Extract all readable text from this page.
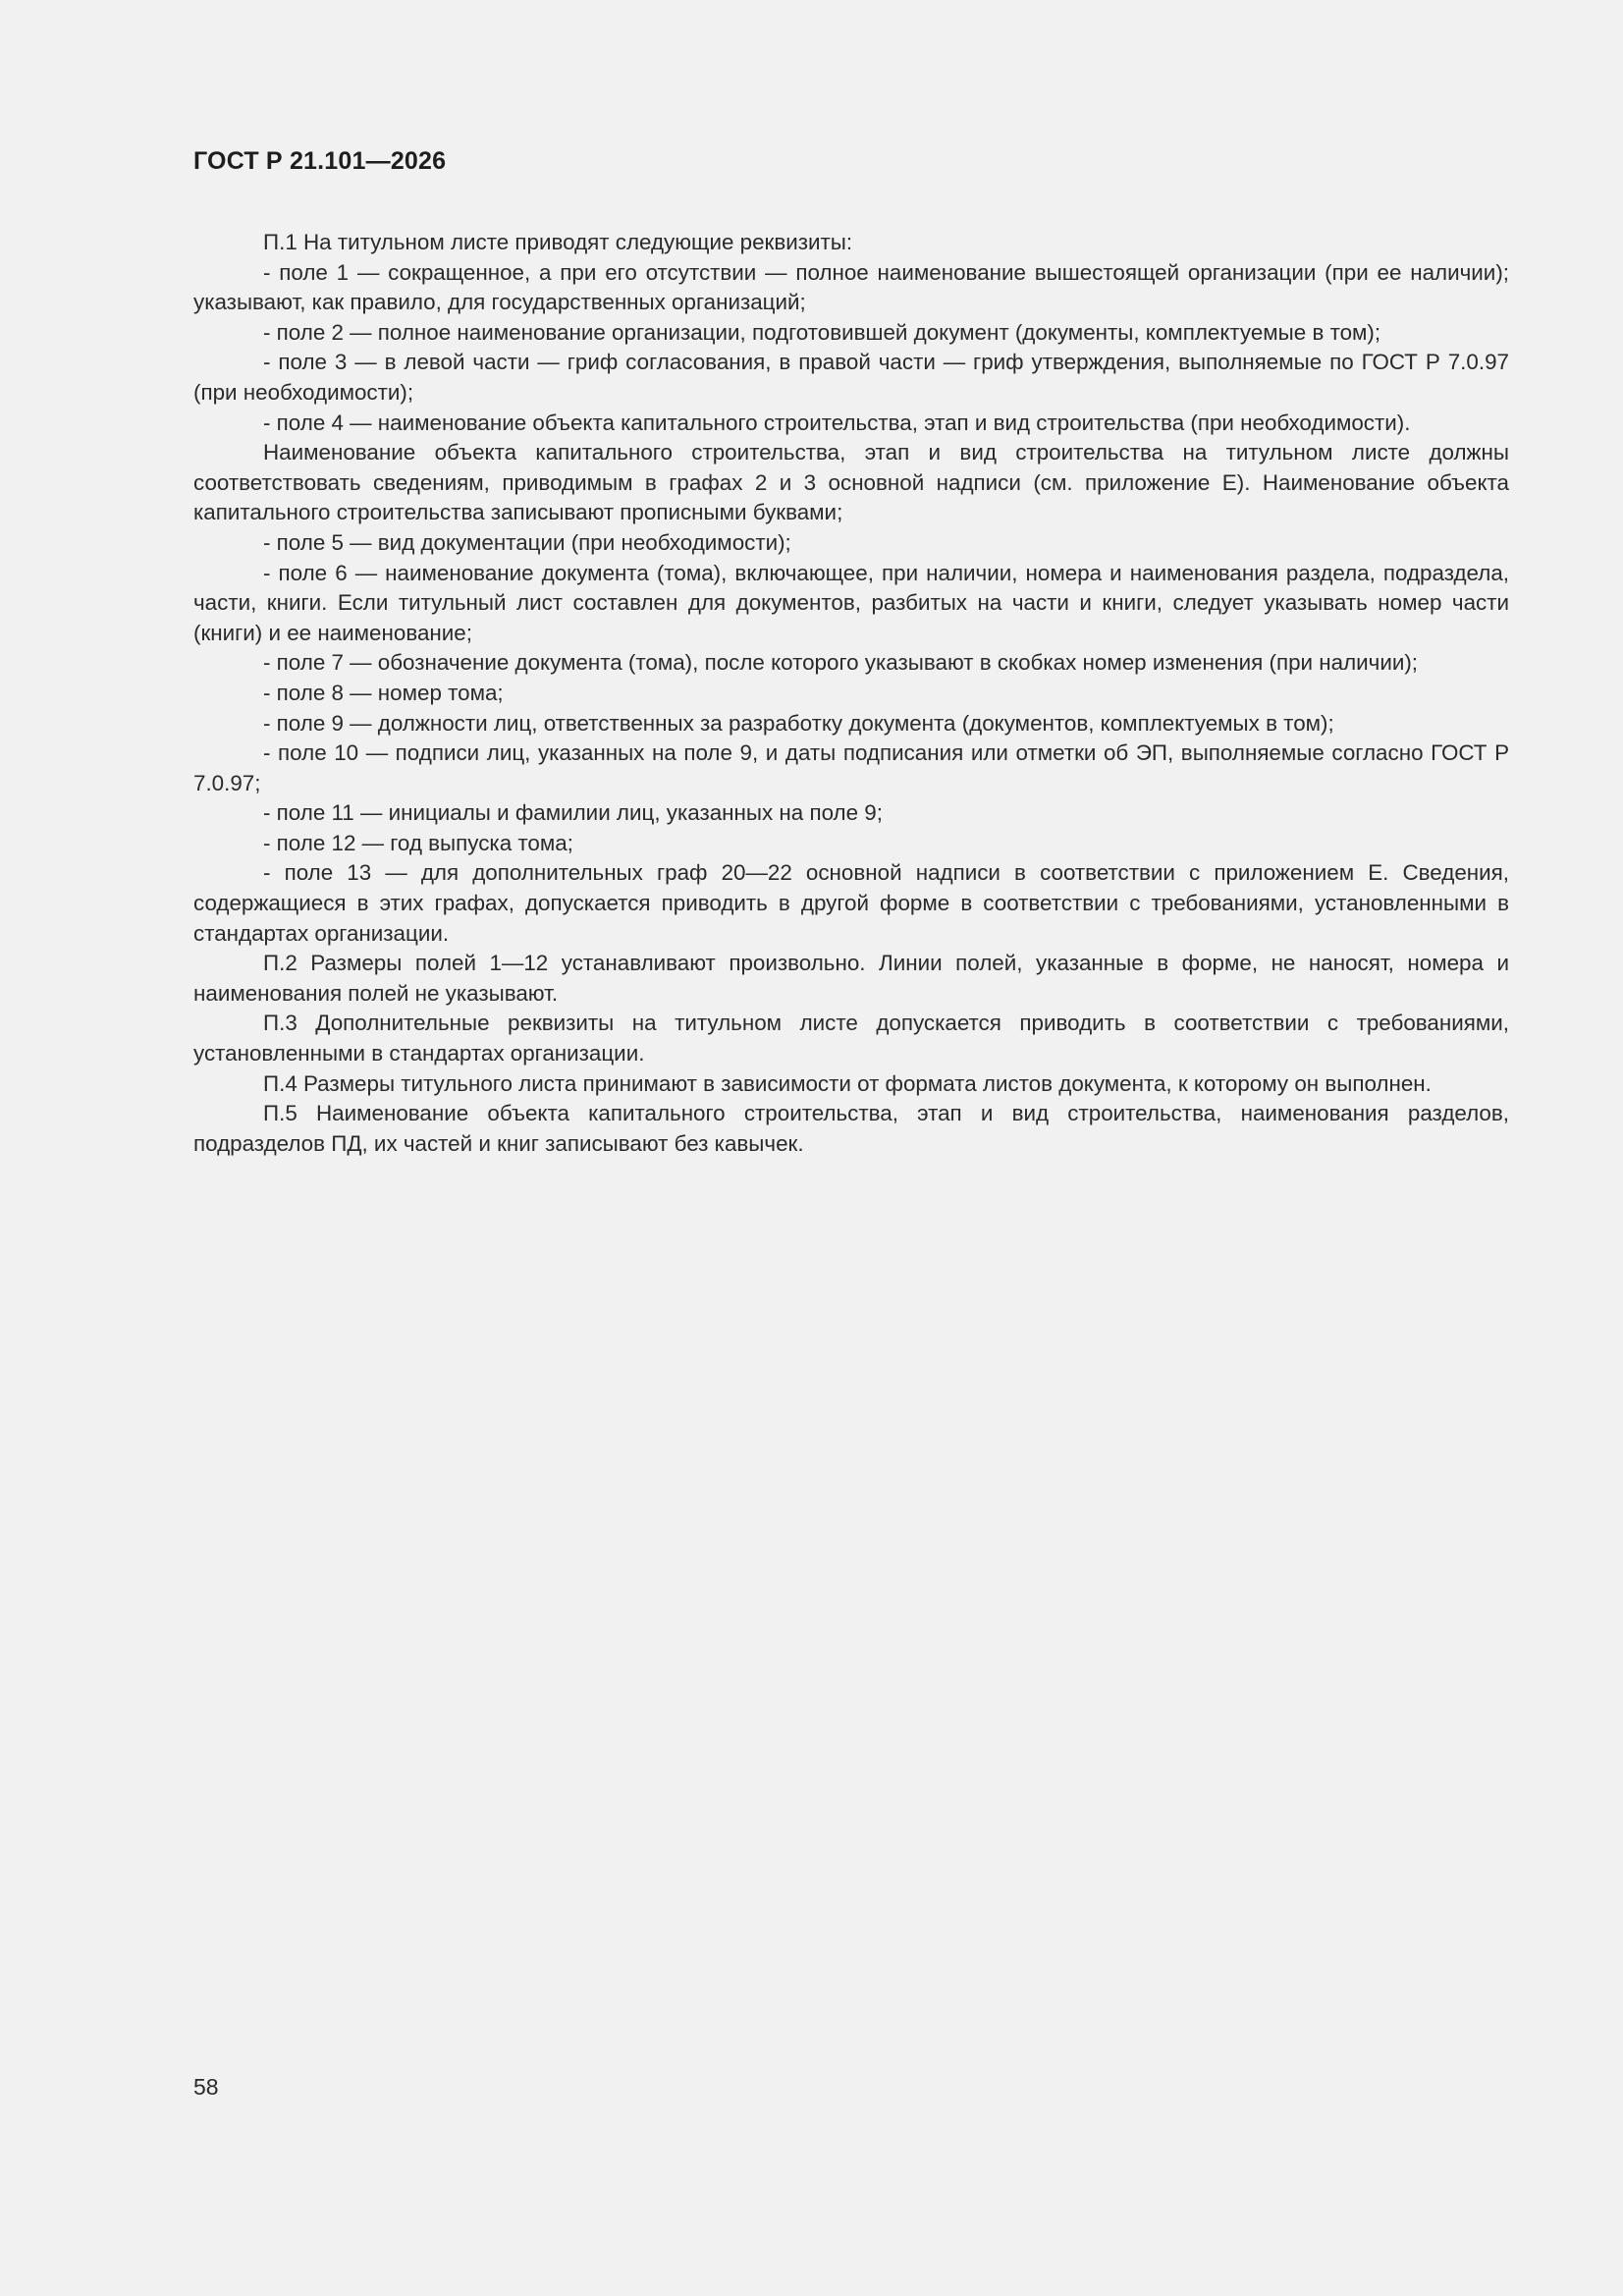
ГОСТ Р 21.101—2026

П.1 На титульном листе приводят следующие реквизиты:

- поле 1 — сокращенное, а при его отсутствии — полное наименование вышестоящей организации (при ее наличии); указывают, как правило, для государственных организаций;

- поле 2 — полное наименование организации, подготовившей документ (документы, комплектуемые в том);

- поле 3 — в левой части — гриф согласования, в правой части — гриф утверждения, выполняемые по ГОСТ Р 7.0.97 (при необходимости);

- поле 4 — наименование объекта капитального строительства, этап и вид строительства (при необходимости).

Наименование объекта капитального строительства, этап и вид строительства на титульном листе должны соответствовать сведениям, приводимым в графах 2 и 3 основной надписи (см. приложение Е). Наименование объекта капитального строительства записывают прописными буквами;

- поле 5 — вид документации (при необходимости);

- поле 6 — наименование документа (тома), включающее, при наличии, номера и наименования раздела, подраздела, части, книги. Если титульный лист составлен для документов, разбитых на части и книги, следует указывать номер части (книги) и ее наименование;

- поле 7 — обозначение документа (тома), после которого указывают в скобках номер изменения (при наличии);

- поле 8 — номер тома;

- поле 9 — должности лиц, ответственных за разработку документа (документов, комплектуемых в том);

- поле 10 — подписи лиц, указанных на поле 9, и даты подписания или отметки об ЭП, выполняемые согласно ГОСТ Р 7.0.97;

- поле 11 — инициалы и фамилии лиц, указанных на поле 9;

- поле 12 — год выпуска тома;

- поле 13 — для дополнительных граф 20—22 основной надписи в соответствии с приложением Е. Сведения, содержащиеся в этих графах, допускается приводить в другой форме в соответствии с требованиями, установленными в стандартах организации.

П.2 Размеры полей 1—12 устанавливают произвольно. Линии полей, указанные в форме, не наносят, номера и наименования полей не указывают.

П.3 Дополнительные реквизиты на титульном листе допускается приводить в соответствии с требованиями, установленными в стандартах организации.

П.4 Размеры титульного листа принимают в зависимости от формата листов документа, к которому он выполнен.

П.5 Наименование объекта капитального строительства, этап и вид строительства, наименования разделов, подразделов ПД, их частей и книг записывают без кавычек.

58
